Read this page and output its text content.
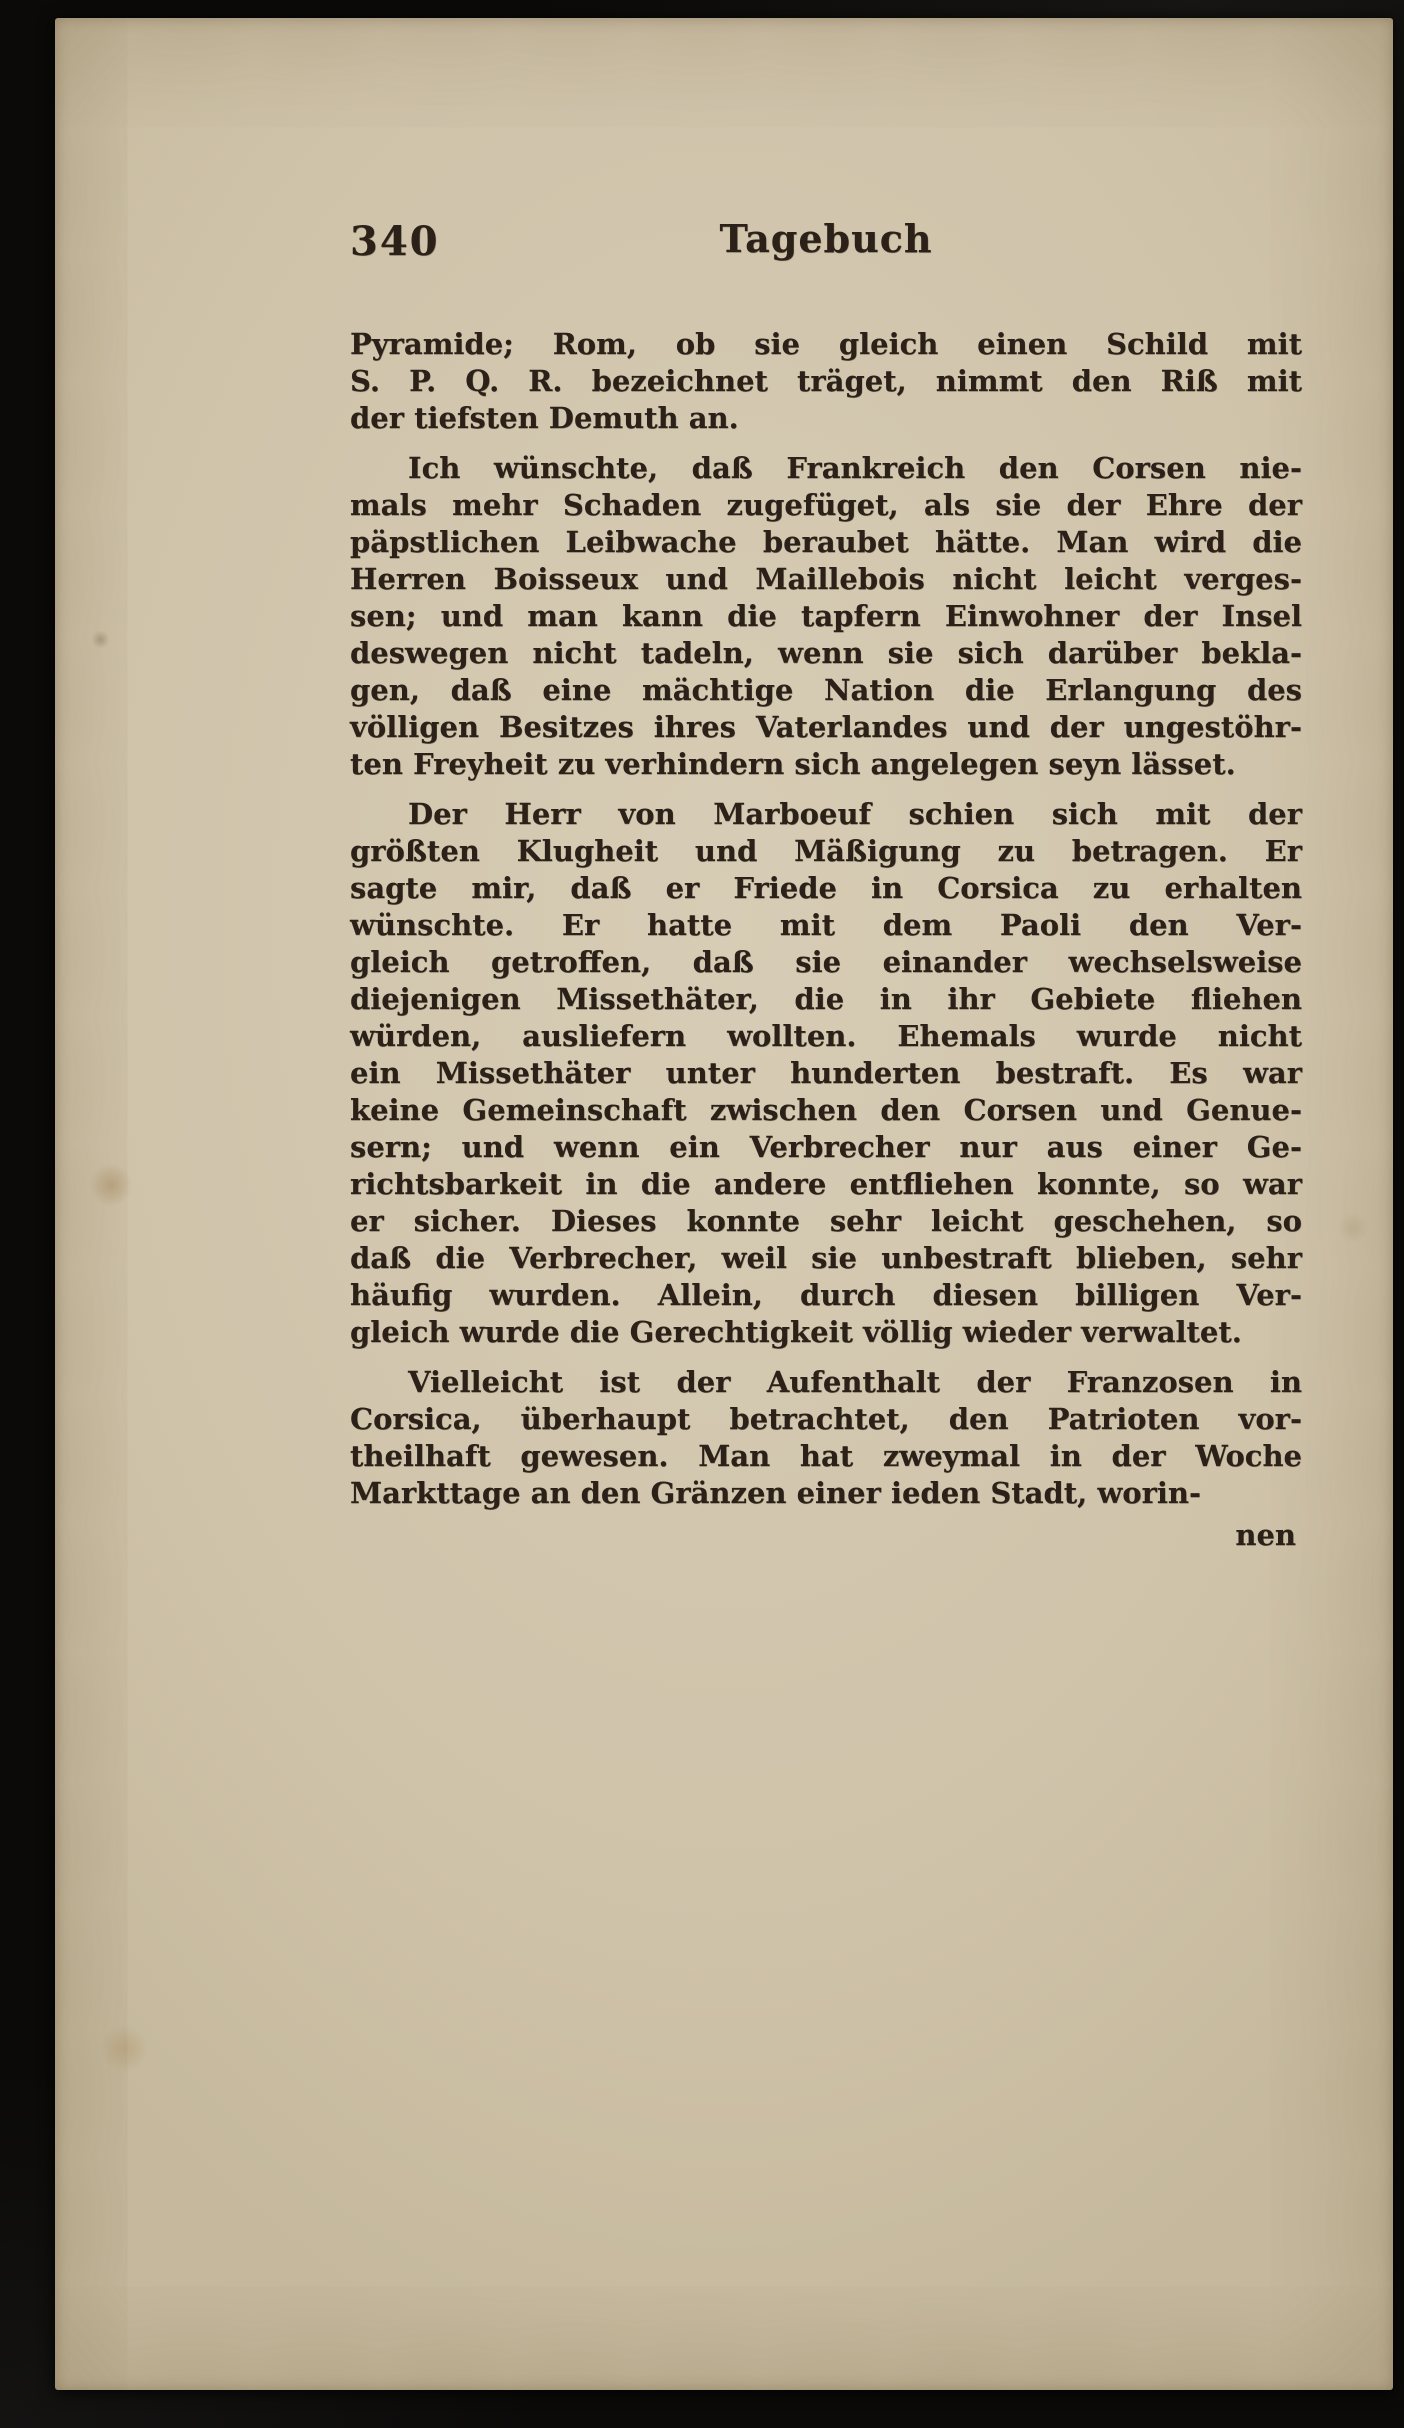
340	Tagebuch
Pyramide; Rom, ob sie gleich einen Schild mit
S. P. Q. R. bezeichnet träget, nimmt den Riß mit
der tiefsten Demuth an.
Ich wünschte, daß Frankreich den Corsen nie-
mals mehr Schaden zugefüget, als sie der Ehre der
päpstlichen Leibwache beraubet hätte. Man wird die
Herren Boisseux und Maillebois nicht leicht verges-
sen; und man kann die tapfern Einwohner der Insel
deswegen nicht tadeln, wenn sie sich darüber bekla-
gen, daß eine mächtige Nation die Erlangung des
völligen Besitzes ihres Vaterlandes und der ungestöhr-
ten Freyheit zu verhindern sich angelegen seyn lässet.
Der Herr von Marboeuf schien sich mit der
größten Klugheit und Mäßigung zu betragen. Er
sagte mir, daß er Friede in Corsica zu erhalten
wünschte. Er hatte mit dem Paoli den Ver-
gleich getroffen, daß sie einander wechselsweise
diejenigen Missethäter, die in ihr Gebiete fliehen
würden, ausliefern wollten. Ehemals wurde nicht
ein Missethäter unter hunderten bestraft. Es war
keine Gemeinschaft zwischen den Corsen und Genue-
sern; und wenn ein Verbrecher nur aus einer Ge-
richtsbarkeit in die andere entfliehen konnte, so war
er sicher. Dieses konnte sehr leicht geschehen, so
daß die Verbrecher, weil sie unbestraft blieben, sehr
häufig wurden. Allein, durch diesen billigen Ver-
gleich wurde die Gerechtigkeit völlig wieder verwaltet.
Vielleicht ist der Aufenthalt der Franzosen in
Corsica, überhaupt betrachtet, den Patrioten vor-
theilhaft gewesen. Man hat zweymal in der Woche
Markttage an den Gränzen einer ieden Stadt, worin-
nen
